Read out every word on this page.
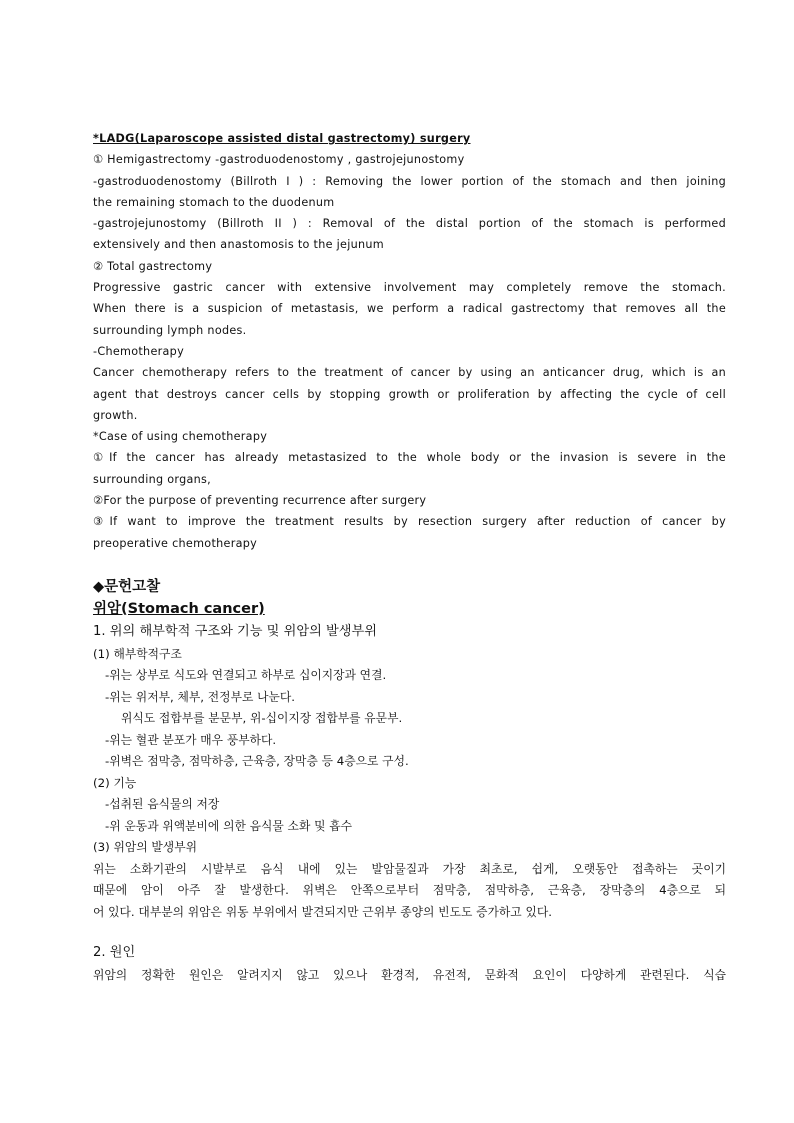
*LADG(Laparoscope assisted distal gastrectomy) surgery
① Hemigastrectomy -gastroduodenostomy , gastrojejunostomy
-gastroduodenostomy (Billroth I ) : Removing the lower portion of the stomach and then joining
the remaining stomach to the duodenum
-gastrojejunostomy (Billroth II ) : Removal of the distal portion of the stomach is performed
extensively and then anastomosis to the jejunum
② Total gastrectomy
Progressive gastric cancer with extensive involvement may completely remove the stomach.
When there is a suspicion of metastasis, we perform a radical gastrectomy that removes all the
surrounding lymph nodes.
-Chemotherapy
Cancer chemotherapy refers to the treatment of cancer by using an anticancer drug, which is an
agent that destroys cancer cells by stopping growth or proliferation by affecting the cycle of cell
growth.
*Case of using chemotherapy
①If the cancer has already metastasized to the whole body or the invasion is severe in the
surrounding organs,
②For the purpose of preventing recurrence after surgery
③If want to improve the treatment results by resection surgery after reduction of cancer by
preoperative chemotherapy
◆문헌고찰
위암(Stomach cancer)
1. 위의 해부학적 구조와 기능 및 위암의 발생부위
(1) 해부학적구조
-위는 상부로 식도와 연결되고 하부로 십이지장과 연결.
-위는 위저부, 체부, 전정부로 나눈다.
위식도 접합부를 분문부, 위-십이지장 접합부를 유문부.
-위는 혈관 분포가 매우 풍부하다.
-위벽은 점막층, 점막하층, 근육층, 장막층 등 4층으로 구성.
(2) 기능
-섭취된 음식물의 저장
-위 운동과 위액분비에 의한 음식물 소화 및 흡수
(3) 위암의 발생부위
위는 소화기관의 시발부로 음식 내에 있는 발암물질과 가장 최초로, 쉽게, 오랫동안 접촉하는 곳이기
때문에 암이 아주 잘 발생한다. 위벽은 안쪽으로부터 점막층, 점막하층, 근육층, 장막층의 4층으로 되
어 있다. 대부분의 위암은 위동 부위에서 발견되지만 근위부 종양의 빈도도 증가하고 있다.
2. 원인
위암의 정확한 원인은 알려지지 않고 있으나 환경적, 유전적, 문화적 요인이 다양하게 관련된다. 식습
